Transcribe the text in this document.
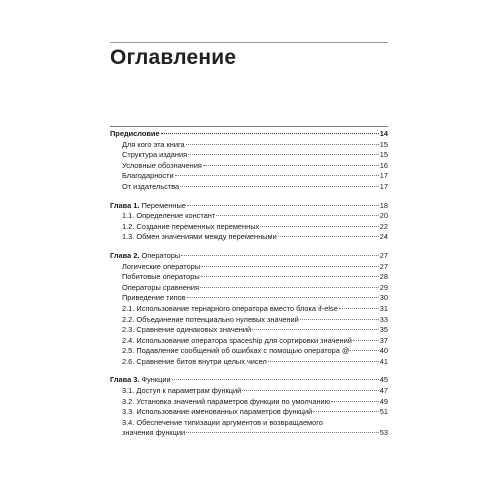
Оглавление
Предисловие	14
Для кого эта книга	15
Структура издания	15
Условные обозначения	16
Благодарности	17
От издательства	17
Глава 1. Переменные	18
1.1. Определение констант	20
1.2. Создание переменных переменных	22
1.3. Обмен значениями между переменными	24
Глава 2. Операторы	27
Логические операторы	27
Побитовые операторы	28
Операторы сравнения	29
Приведение типов	30
2.1. Использование тернарного оператора вместо блока if-else	31
2.2. Объединение потенциально нулевых значений	33
2.3. Сравнение одинаковых значений	35
2.4. Использование оператора spaceship для сортировки значений	37
2.5. Подавление сообщений об ошибках с помощью оператора @	40
2.6. Сравнение битов внутри целых чисел	41
Глава 3. Функции	45
3.1. Доступ к параметрам функций	47
3.2. Установка значений параметров функции по умолчанию	49
3.3. Использование именованных параметров функций	51
3.4. Обеспечение типизации аргументов и возвращаемого
значения функции	53
